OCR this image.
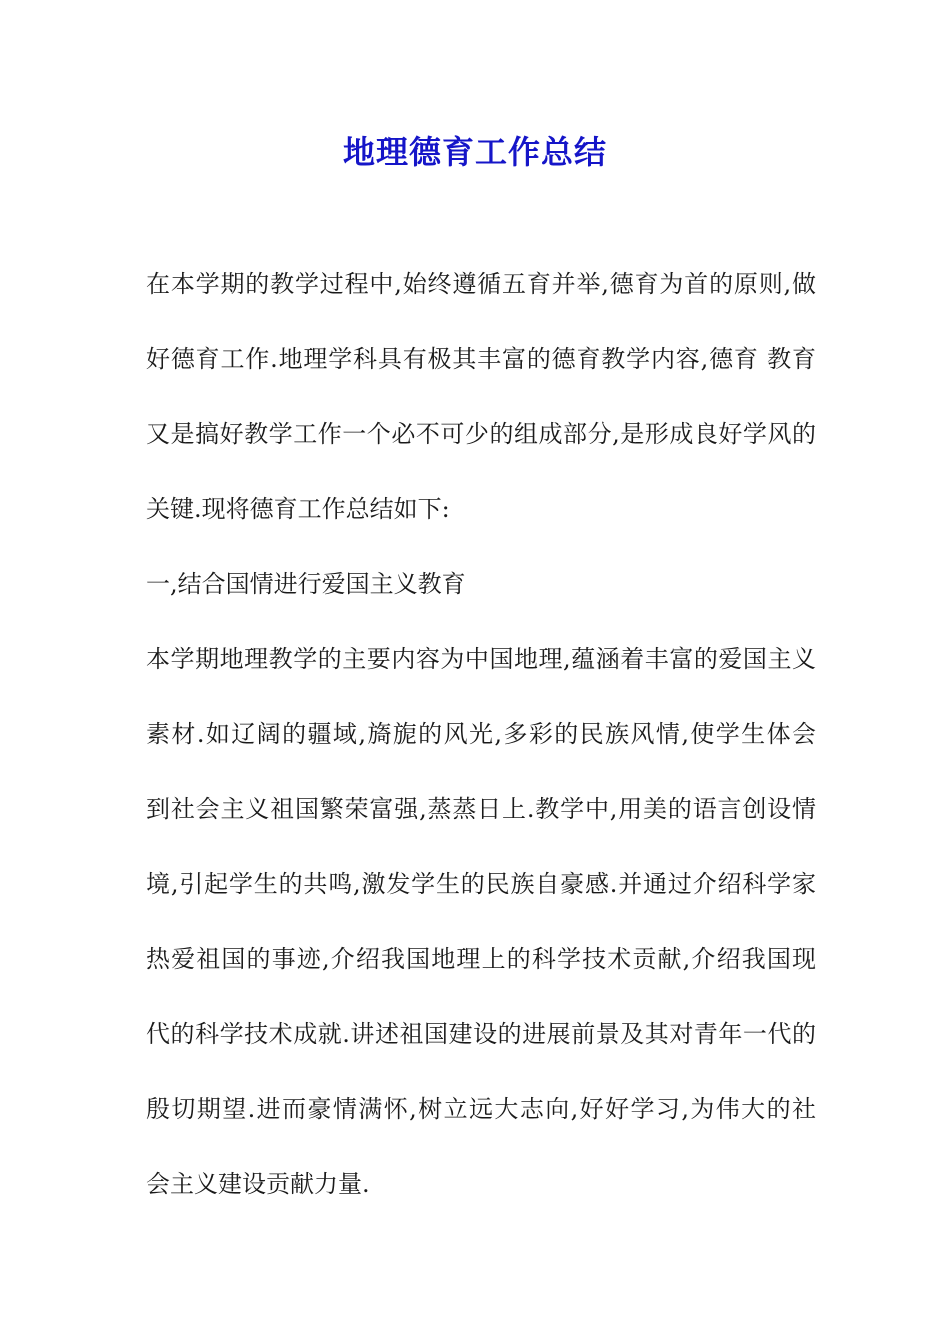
地理德育工作总结
在本学期的教学过程中,始终遵循五育并举,德育为首的原则,做
好德育工作.地理学科具有极其丰富的德育教学内容,德育 教育
又是搞好教学工作一个必不可少的组成部分,是形成良好学风的
关键.现将德育工作总结如下:
一,结合国情进行爱国主义教育
本学期地理教学的主要内容为中国地理,蕴涵着丰富的爱国主义
素材.如辽阔的疆域,旖旎的风光,多彩的民族风情,使学生体会
到社会主义祖国繁荣富强,蒸蒸日上.教学中,用美的语言创设情
境,引起学生的共鸣,激发学生的民族自豪感.并通过介绍科学家
热爱祖国的事迹,介绍我国地理上的科学技术贡献,介绍我国现
代的科学技术成就.讲述祖国建设的进展前景及其对青年一代的
殷切期望.进而豪情满怀,树立远大志向,好好学习,为伟大的社
会主义建设贡献力量.
